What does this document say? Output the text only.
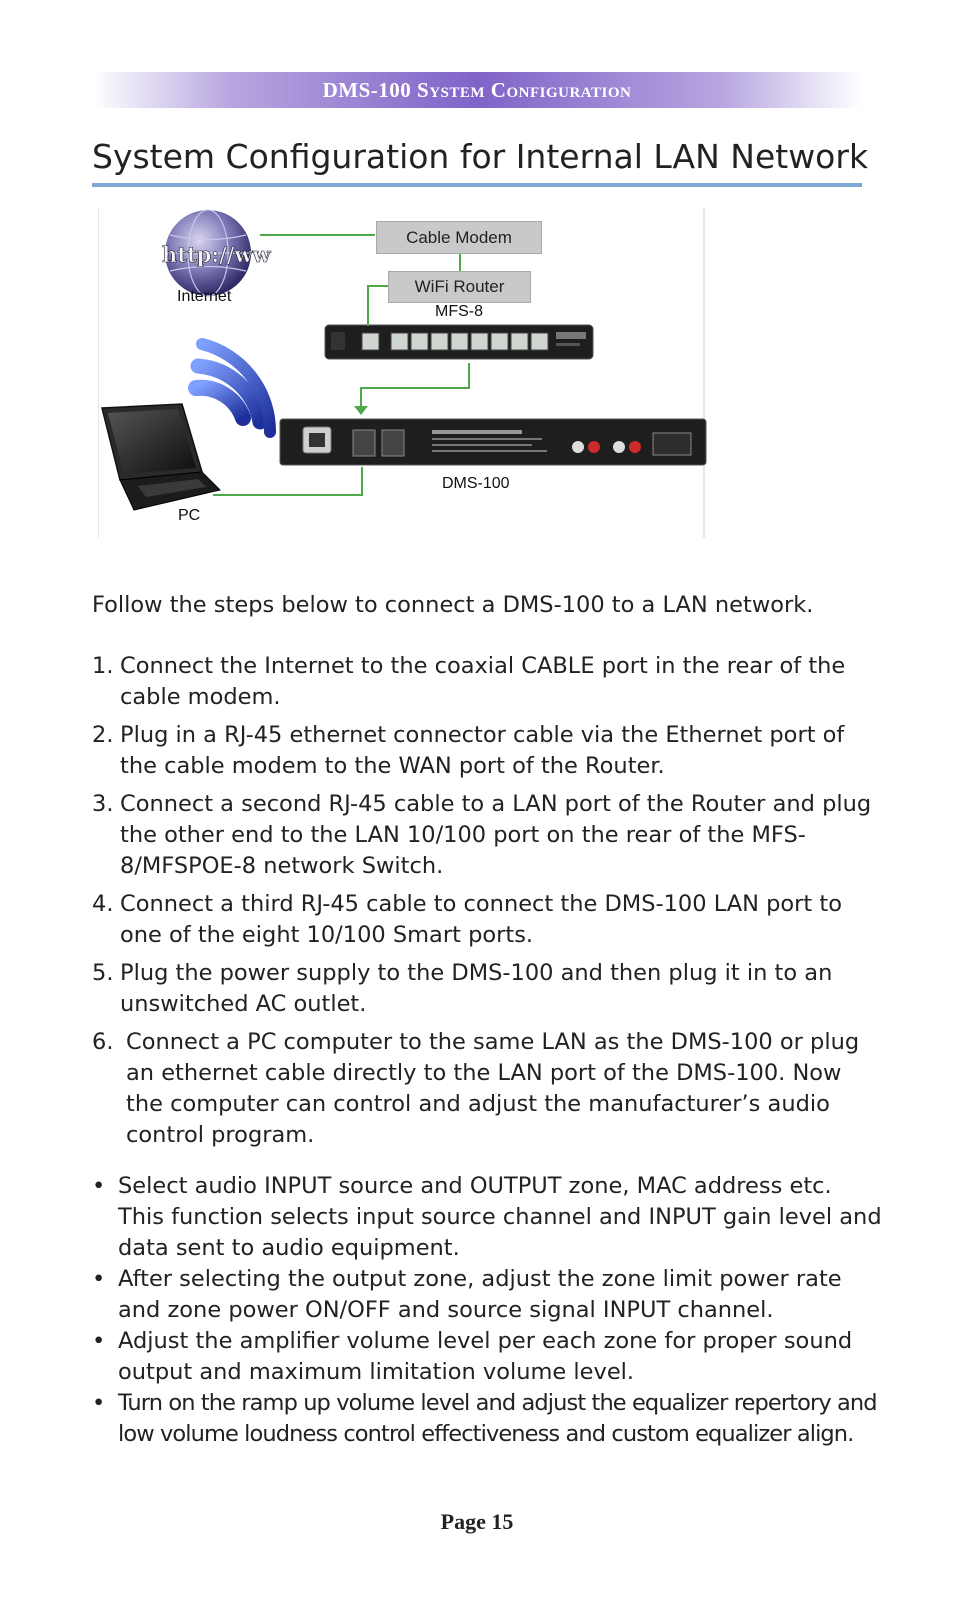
DMS-100 System Configuration
System Configuration for Internal LAN Network
http://ww
Cable Modem
WiFi Router
Internet
MFS-8
DMS-100
PC
Follow the steps below to connect a DMS-100 to a LAN network.
1. Connect the Internet to the coaxial CABLE port in the rear of the cable modem.
2. Plug in a RJ-45 ethernet connector cable via the Ethernet port of the cable modem to the WAN port of the Router.
3. Connect a second RJ-45 cable to a LAN port of the Router and plug the other end to the LAN 10/100 port on the rear of the MFS-8/MFSPOE-8 network Switch.
4. Connect a third RJ-45 cable to connect the DMS-100 LAN port to one of the eight 10/100 Smart ports.
5. Plug the power supply to the DMS-100 and then plug it in to an unswitched AC outlet.
6. Connect a PC computer to the same LAN as the DMS-100 or plug an ethernet cable directly to the LAN port of the DMS-100. Now the computer can control and adjust the manufacturer’s audio control program.
• Select audio INPUT source and OUTPUT zone, MAC address etc. This function selects input source channel and INPUT gain level and data sent to audio equipment.
• After selecting the output zone, adjust the zone limit power rate and zone power ON/OFF and source signal INPUT channel.
• Adjust the amplifier volume level per each zone for proper sound output and maximum limitation volume level.
• Turn on the ramp up volume level and adjust the equalizer repertory and low volume loudness control effectiveness and custom equalizer align.
Page 15
